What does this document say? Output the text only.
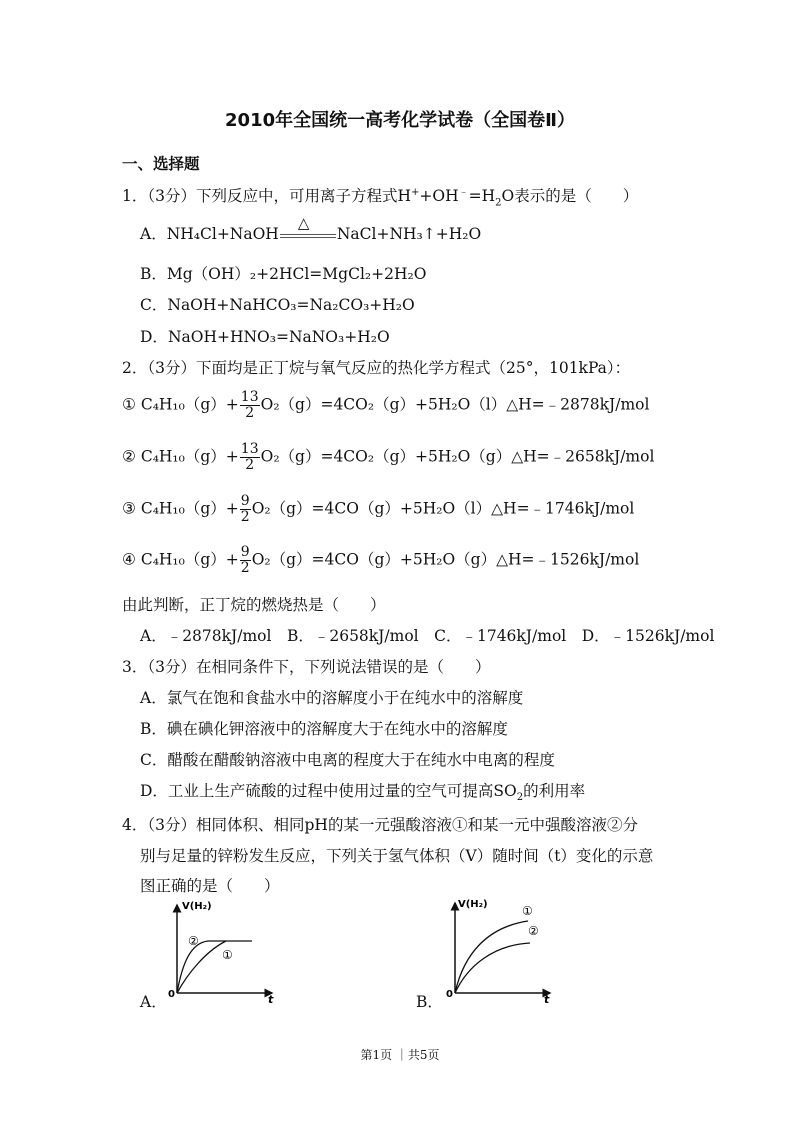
2010年全国统一高考化学试卷（全国卷Ⅱ）
一、选择题
1．（3分）下列反应中，可用离子方程式$H^++OH^﹣=H_2O$表示的是（　　）
A．NH₄Cl+NaOH
△
NaCl+NH₃↑+H₂O
B．Mg（OH）₂+2HCl=MgCl₂+2H₂O
C．NaOH+NaHCO₃=Na₂CO₃+H₂O
D．NaOH+HNO₃=NaNO₃+H₂O
2．（3分）下面均是正丁烷与氧气反应的热化学方程式（25°，101kPa）：
① $C_4H_{10}(g)+ \frac{13}{2}$ O₂（g）=4CO₂（g）+5H₂O（l）△H=﹣2878kJ/mol
② $C_4H_{10}(g)+ \frac{13}{2}$ O₂（g）=4CO₂（g）+5H₂O（g）△H=﹣2658kJ/mol
③ $C_4H_{10}(g)+ \frac{9}{2}$ O₂（g）=4CO（g）+5H₂O（l）△H=﹣1746kJ/mol
④ $C_4H_{10}(g)+ \frac{9}{2}$ O₂（g）=4CO（g）+5H₂O（g）△H=﹣1526kJ/mol
由此判断，正丁烷的燃烧热是（　　）
A．﹣2878kJ/mol　B．﹣2658kJ/mol　C．﹣1746kJ/mol　D．﹣1526kJ/mol
3．（3分）在相同条件下，下列说法错误的是（　　）
A．氯气在饱和食盐水中的溶解度小于在纯水中的溶解度
B．碘在碘化钾溶液中的溶解度大于在纯水中的溶解度
C．醋酸在醋酸钠溶液中电离的程度大于在纯水中电离的程度
D．工业上生产硫酸的过程中使用过量的空气可提高$SO_2$的利用率
4．（3分）相同体积、相同pH的某一元强酸溶液①和某一元中强酸溶液②分
别与足量的锌粉发生反应，下列关于氢气体积（V）随时间（t）变化的示意
图正确的是（　　）
A．
V(H₂)
t
0
②
①
B．
V(H₂)
t
0
①
②
第1页 ｜共5页
